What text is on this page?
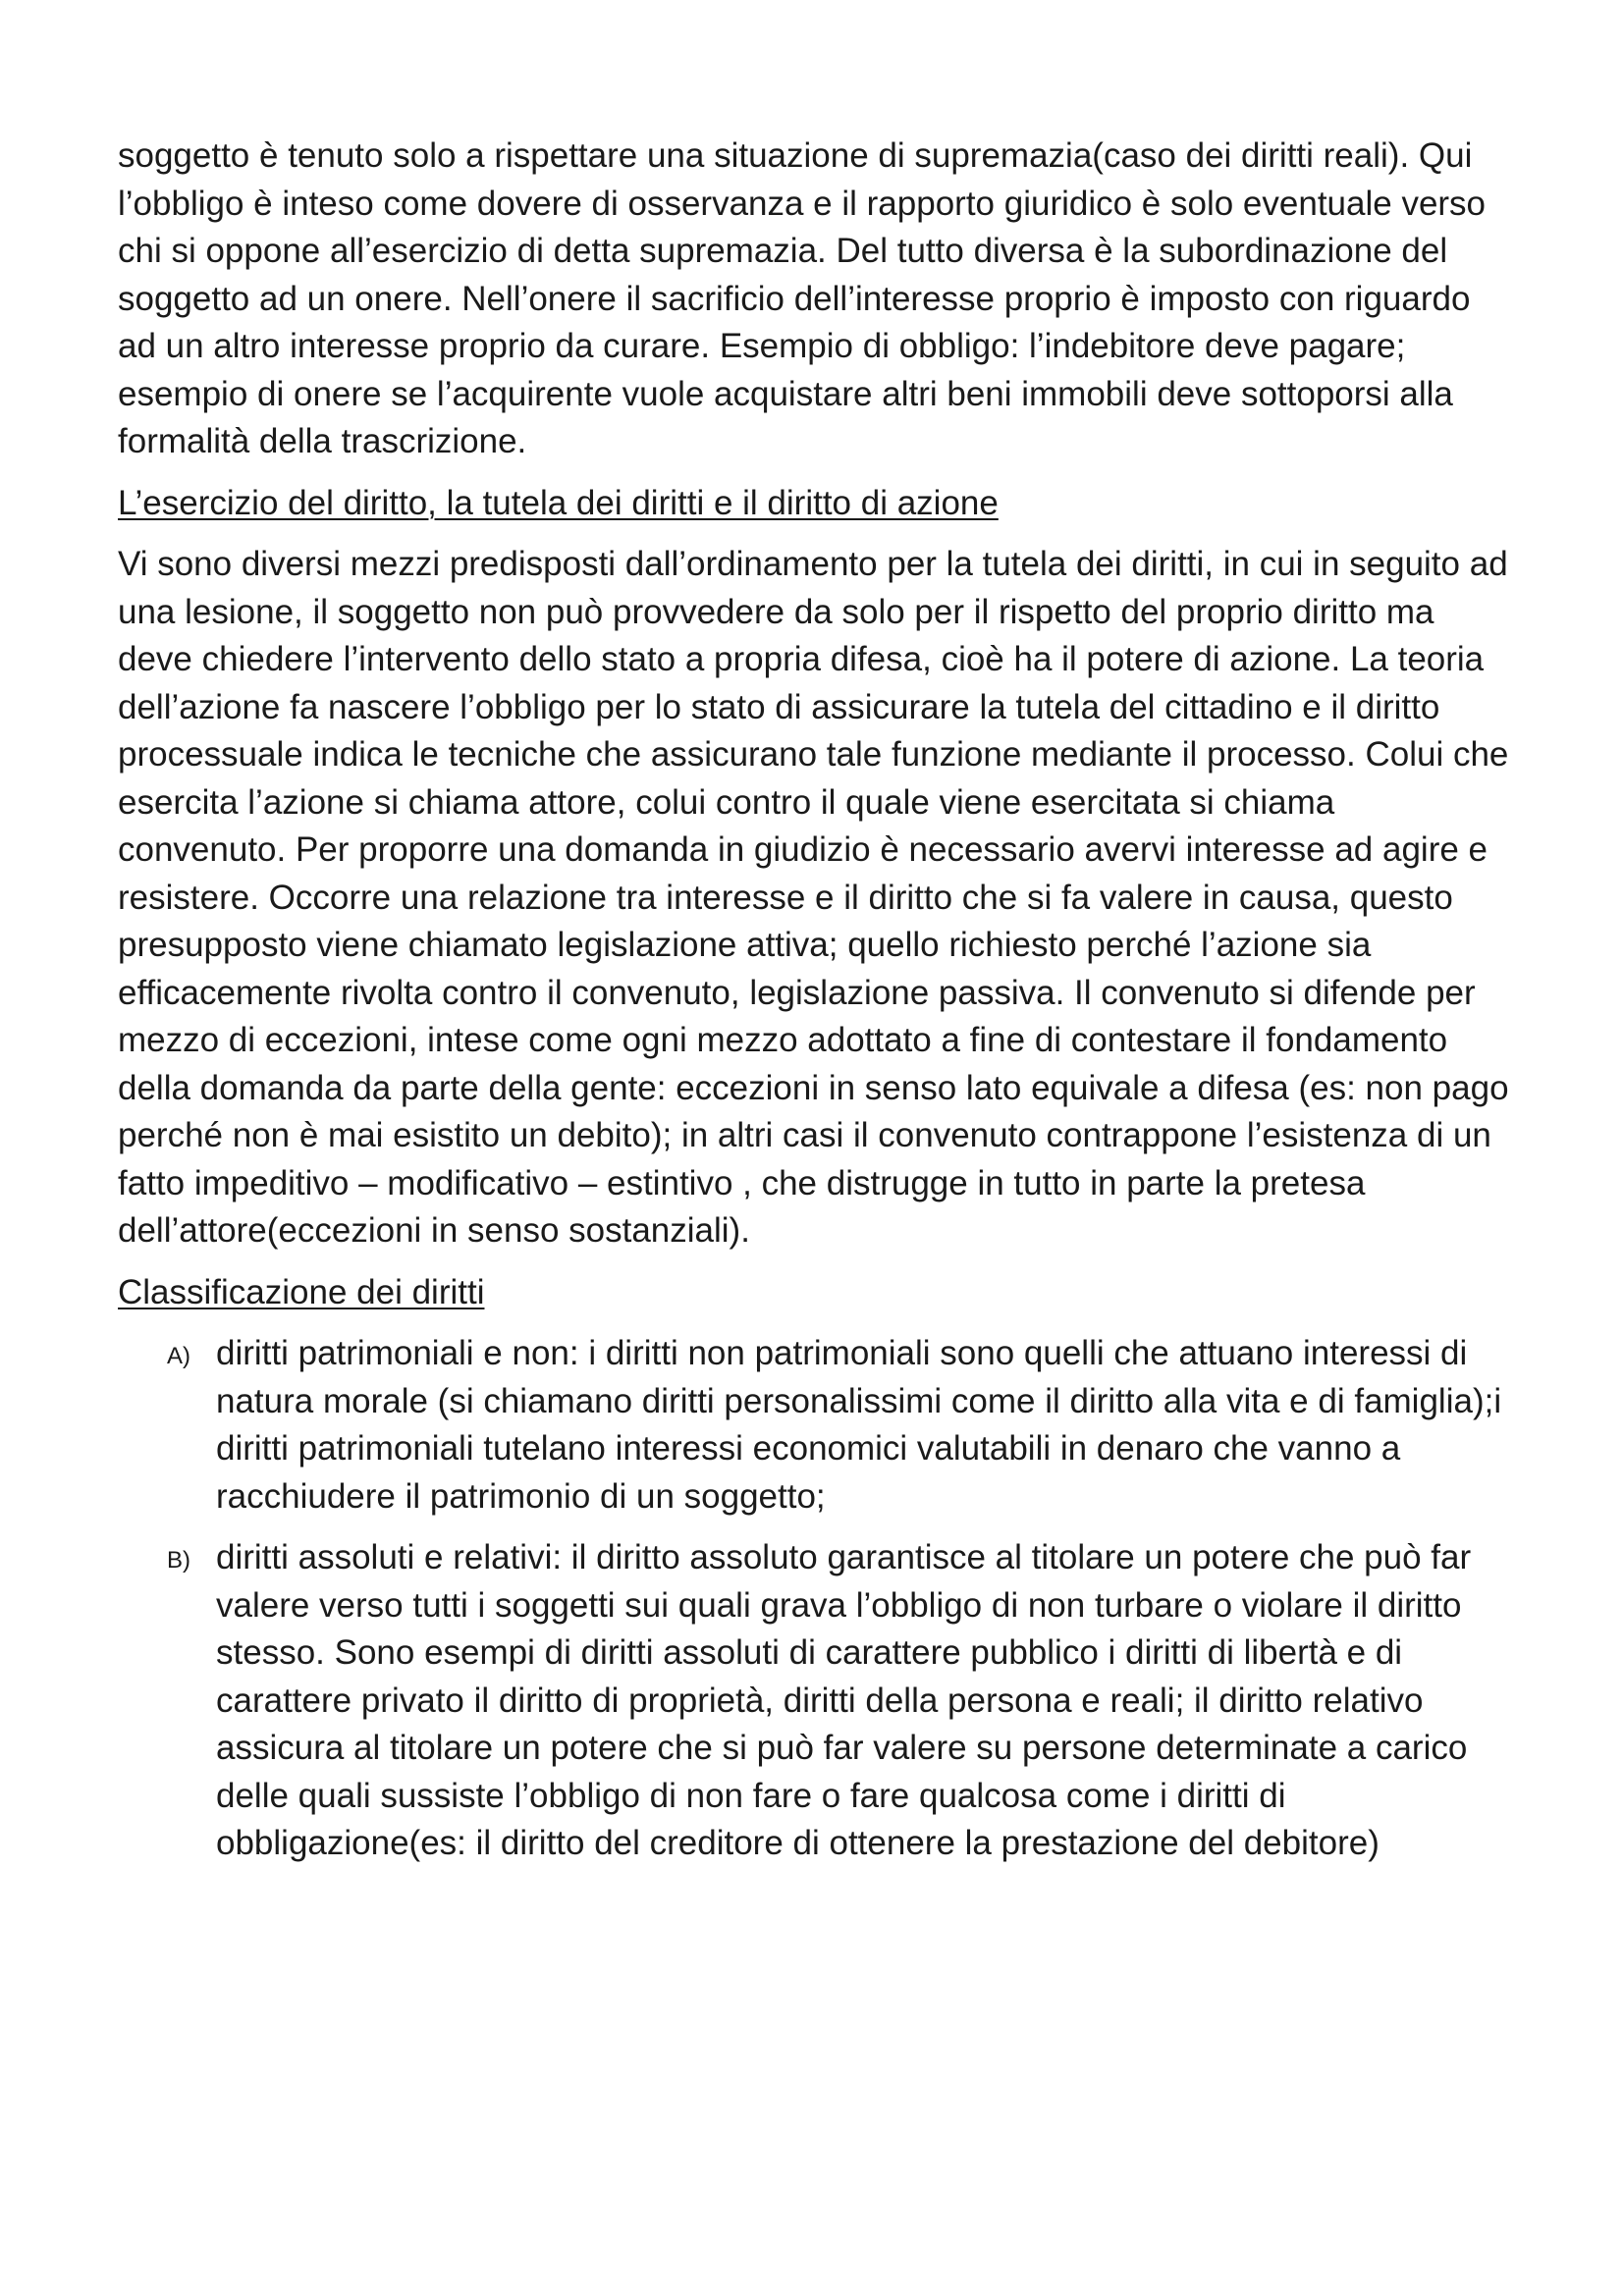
soggetto è tenuto solo a rispettare una situazione di supremazia(caso dei diritti reali). Qui l’obbligo è inteso come dovere di osservanza e il rapporto giuridico è solo eventuale verso chi si oppone all’esercizio di detta supremazia. Del tutto diversa è la subordinazione del soggetto ad un onere. Nell’onere il sacrificio dell’interesse proprio è imposto con riguardo ad un altro interesse proprio da curare. Esempio di obbligo: l’indebitore deve pagare; esempio di onere se l’acquirente vuole acquistare altri beni immobili deve sottoporsi alla formalità della trascrizione.

L’esercizio del diritto, la tutela dei diritti e il diritto di azione

Vi sono diversi mezzi predisposti dall’ordinamento per la tutela dei diritti, in cui in seguito ad una lesione, il soggetto non può provvedere da solo per il rispetto del proprio diritto ma deve chiedere l’intervento dello stato a propria difesa, cioè ha il potere di azione. La teoria dell’azione fa nascere l’obbligo per lo stato di assicurare la tutela del cittadino e il diritto processuale indica le tecniche che assicurano tale funzione mediante il processo. Colui che esercita l’azione si chiama attore, colui contro il quale viene esercitata si chiama convenuto. Per proporre una domanda in giudizio è necessario avervi interesse ad agire e resistere. Occorre una relazione tra interesse e il diritto che si fa valere in causa, questo presupposto viene chiamato legislazione attiva; quello richiesto perché l’azione sia efficacemente rivolta contro il convenuto, legislazione passiva. Il convenuto si difende per mezzo di eccezioni, intese come ogni mezzo adottato a fine di contestare il fondamento della domanda da parte della gente: eccezioni in senso lato equivale a difesa (es: non pago perché non è mai esistito un debito); in altri casi il convenuto contrappone l’esistenza di un fatto impeditivo – modificativo – estintivo , che distrugge in tutto in parte la pretesa dell’attore(eccezioni in senso sostanziali).

Classificazione dei diritti

A) diritti patrimoniali e non: i diritti non patrimoniali sono quelli che attuano interessi di natura morale (si chiamano diritti personalissimi come il diritto alla vita e di famiglia);i diritti patrimoniali tutelano interessi economici valutabili in denaro che vanno a racchiudere il patrimonio di un soggetto;
B) diritti assoluti e relativi: il diritto assoluto garantisce al titolare un potere che può far valere verso tutti i soggetti sui quali grava l’obbligo di non turbare o violare il diritto stesso. Sono esempi di diritti assoluti di carattere pubblico i diritti di libertà e di carattere privato il diritto di proprietà, diritti della persona e reali; il diritto relativo assicura al titolare un potere che si può far valere su persone determinate a carico delle quali sussiste l’obbligo di non fare o fare qualcosa come i diritti di obbligazione(es: il diritto del creditore di ottenere la prestazione del debitore)
